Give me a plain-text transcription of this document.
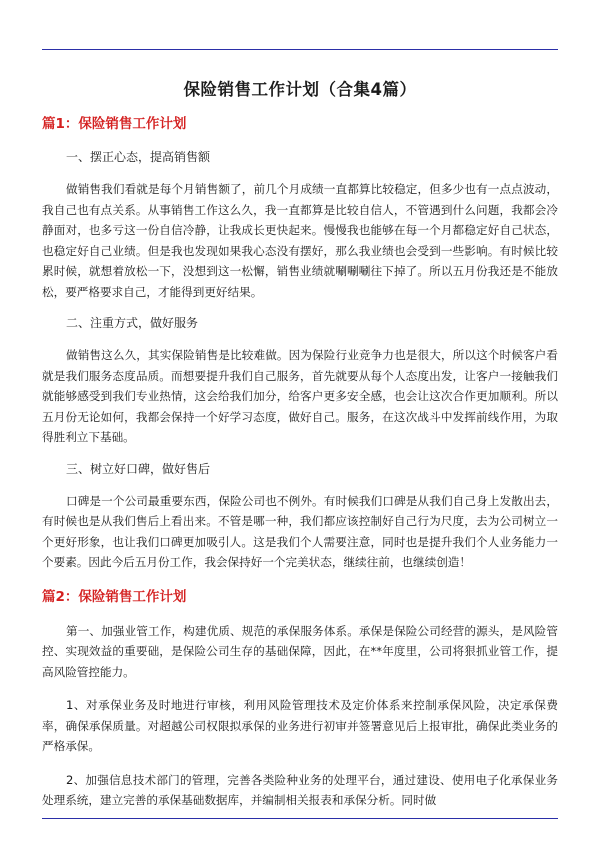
保险销售工作计划（合集4篇）
篇1：保险销售工作计划
一、摆正心态，提高销售额
做销售我们看就是每个月销售额了，前几个月成绩一直都算比较稳定，但多少也有一点点波动，我自己也有点关系。从事销售工作这么久，我一直都算是比较自信人，不管遇到什么问题，我都会冷静面对，也多亏这一份自信冷静，让我成长更快起来。慢慢我也能够在每一个月都稳定好自己状态，也稳定好自己业绩。但是我也发现如果我心态没有摆好，那么我业绩也会受到一些影响。有时候比较累时候，就想着放松一下，没想到这一松懈，销售业绩就唰唰唰往下掉了。所以五月份我还是不能放松，要严格要求自己，才能得到更好结果。
二、注重方式，做好服务
做销售这么久，其实保险销售是比较难做。因为保险行业竞争力也是很大，所以这个时候客户看就是我们服务态度品质。而想要提升我们自己服务，首先就要从每个人态度出发，让客户一接触我们就能够感受到我们专业热情，这会给我们加分，给客户更多安全感，也会让这次合作更加顺利。所以五月份无论如何，我都会保持一个好学习态度，做好自己。服务，在这次战斗中发挥前线作用，为取得胜利立下基础。
三、树立好口碑，做好售后
口碑是一个公司最重要东西，保险公司也不例外。有时候我们口碑是从我们自己身上发散出去，有时候也是从我们售后上看出来。不管是哪一种，我们都应该控制好自己行为尺度，去为公司树立一个更好形象，也让我们口碑更加吸引人。这是我们个人需要注意，同时也是提升我们个人业务能力一个要素。因此今后五月份工作，我会保持好一个完美状态，继续往前，也继续创造！
篇2：保险销售工作计划
第一、加强业管工作，构建优质、规范的承保服务体系。承保是保险公司经营的源头，是风险管控、实现效益的重要础，是保险公司生存的基础保障，因此，在**年度里，公司将狠抓业管工作，提高风险管控能力。
1、对承保业务及时地进行审核，利用风险管理技术及定价体系来控制承保风险，决定承保费率，确保承保质量。对超越公司权限拟承保的业务进行初审并签署意见后上报审批，确保此类业务的严格承保。
2、加强信息技术部门的管理，完善各类险种业务的处理平台，通过建设、使用电子化承保业务处理系统，建立完善的承保基础数据库，并编制相关报表和承保分析。同时做
